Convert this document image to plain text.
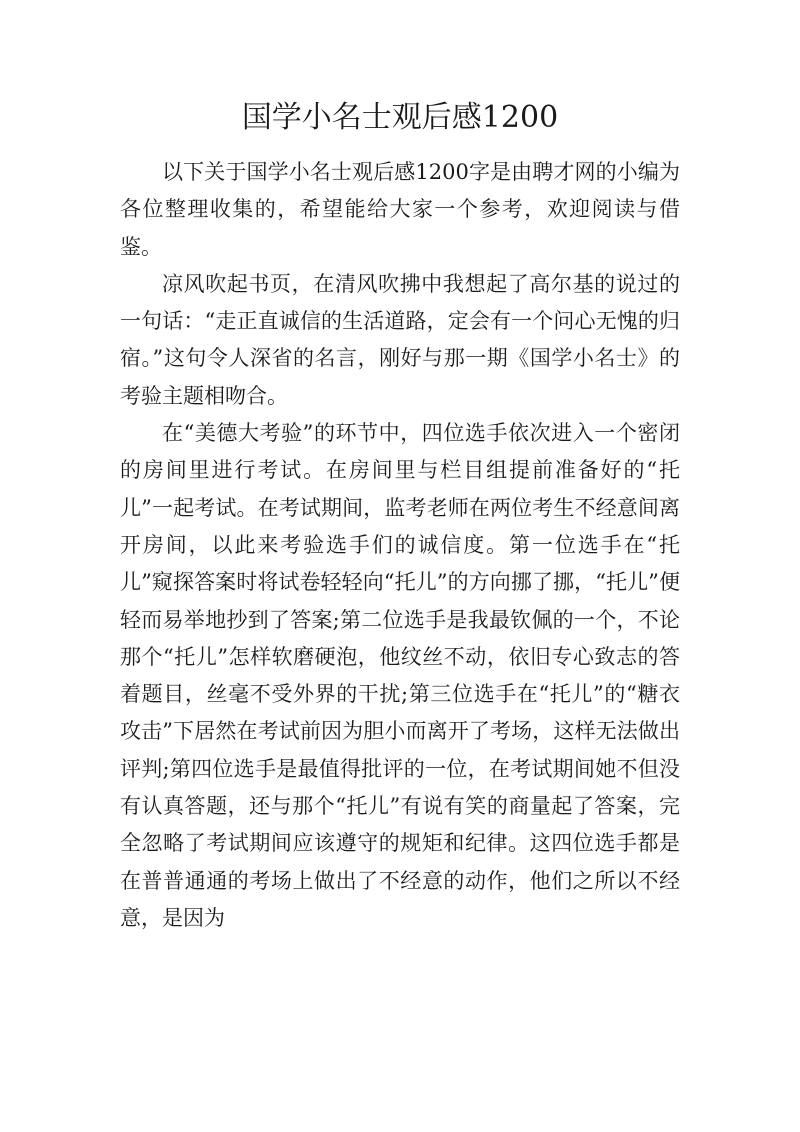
国学小名士观后感1200

以下关于国学小名士观后感1200字是由聘才网的小编为各位整理收集的，希望能给大家一个参考，欢迎阅读与借鉴。

凉风吹起书页，在清风吹拂中我想起了高尔基的说过的一句话：“走正直诚信的生活道路，定会有一个问心无愧的归宿。”这句令人深省的名言，刚好与那一期《国学小名士》的考验主题相吻合。

在“美德大考验”的环节中，四位选手依次进入一个密闭的房间里进行考试。在房间里与栏目组提前准备好的“托儿”一起考试。在考试期间，监考老师在两位考生不经意间离开房间，以此来考验选手们的诚信度。第一位选手在“托儿”窥探答案时将试卷轻轻向“托儿”的方向挪了挪，“托儿”便轻而易举地抄到了答案;第二位选手是我最钦佩的一个，不论那个“托儿”怎样软磨硬泡，他纹丝不动，依旧专心致志的答着题目，丝毫不受外界的干扰;第三位选手在“托儿”的“糖衣攻击”下居然在考试前因为胆小而离开了考场，这样无法做出评判;第四位选手是最值得批评的一位，在考试期间她不但没有认真答题，还与那个“托儿”有说有笑的商量起了答案，完全忽略了考试期间应该遵守的规矩和纪律。这四位选手都是在普普通通的考场上做出了不经意的动作，他们之所以不经意，是因为
